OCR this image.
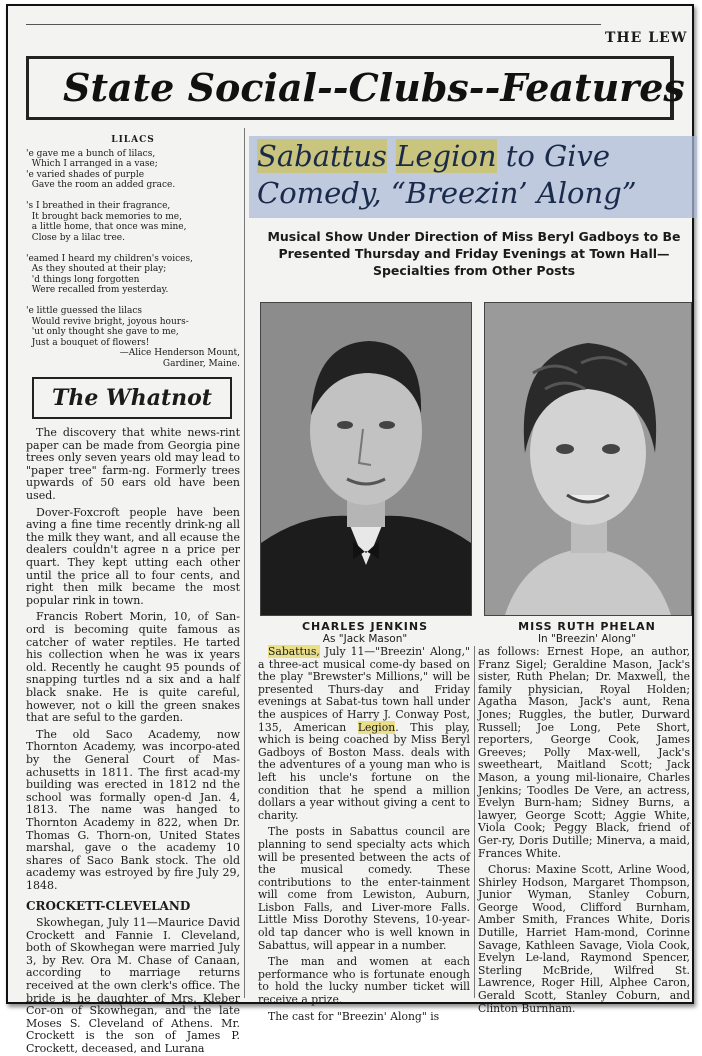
THE LEW
State Social--Clubs--Features
LILACS
'e gave me a bunch of lilacs,
Which I arranged in a vase;
'e varied shades of purple
Gave the room an added grace.

's I breathed in their fragrance,
It brought back memories to me,
a little home, that once was mine,
Close by a lilac tree.

'eamed I heard my children's voices,
As they shouted at their play;
'd things long forgotten
Were recalled from yesterday.

'e little guessed the lilacs
Would revive bright, joyous hours-
'ut only thought she gave to me,
Just a bouquet of flowers!
—Alice Henderson Mount,
Gardiner, Maine.
The Whatnot

The discovery that white news-rint paper can be made from Georgia pine trees only seven years old may lead to "paper tree" farm-ng. Formerly trees upwards of 50 ears old have been used.

Dover-Foxcroft people have been aving a fine time recently drink-ng all the milk they want, and all ecause the dealers couldn't agree n a price per quart. They kept utting each other until the price all to four cents, and right then milk became the most popular rink in town.

Francis Robert Morin, 10, of San-ord is becoming quite famous as catcher of water reptiles. He tarted his collection when he was ix years old. Recently he caught 95 pounds of snapping turtles nd a six and a half black snake. He is quite careful, however, not o kill the green snakes that are seful to the garden.

The old Saco Academy, now Thornton Academy, was incorpo-ated by the General Court of Mas-achusetts in 1811. The first acad-my building was erected in 1812 nd the school was formally open-d Jan. 4, 1813. The name was hanged to Thornton Academy in 822, when Dr. Thomas G. Thorn-on, United States marshal, gave o the academy 10 shares of Saco Bank stock. The old academy was estroyed by fire July 29, 1848.

CROCKETT-CLEVELAND

Skowhegan, July 11—Maurice David Crockett and Fannie I. Cleveland, both of Skowhegan were married July 3, by Rev. Ora M. Chase of Canaan, according to marriage returns received at the own clerk's office. The bride is he daughter of Mrs. Kleber Cor-on of Skowhegan, and the late Moses S. Cleveland of Athens. Mr. Crockett is the son of James P. Crockett, deceased, and Lurana

Sabattus Legion to Give
Comedy, “Breezin’ Along”
Musical Show Under Direction of Miss Beryl Gadboys to Be Presented Thursday and Friday Evenings at Town Hall—Specialties from Other Posts
CHARLES JENKINS
As "Jack Mason"
MISS RUTH PHELAN
In "Breezin' Along"

Sabattus, July 11—"Breezin' Along," a three-act musical come-dy based on the play "Brewster's Millions," will be presented Thurs-day and Friday evenings at Sabat-tus town hall under the auspices of Harry J. Conway Post, 135, American Legion. This play, which is being coached by Miss Beryl Gadboys of Boston Mass. deals with the adventures of a young man who is left his uncle's fortune on the condition that he spend a million dollars a year without giving a cent to charity.

The posts in Sabattus council are planning to send specialty acts which will be presented between the acts of the musical comedy. These contributions to the enter-tainment will come from Lewiston, Auburn, Lisbon Falls, and Liver-more Falls. Little Miss Dorothy Stevens, 10-year-old tap dancer who is well known in Sabattus, will appear in a number.

The man and women at each performance who is fortunate enough to hold the lucky number ticket will receive a prize.

The cast for "Breezin' Along" is

as follows: Ernest Hope, an author, Franz Sigel; Geraldine Mason, Jack's sister, Ruth Phelan; Dr. Maxwell, the family physician, Royal Holden; Agatha Mason, Jack's aunt, Rena Jones; Ruggles, the butler, Durward Russell; Joe Long, Pete Short, reporters, George Cook, James Greeves; Polly Max-well, Jack's sweetheart, Maitland Scott; Jack Mason, a young mil-lionaire, Charles Jenkins; Toodles De Vere, an actress, Evelyn Burn-ham; Sidney Burns, a lawyer, George Scott; Aggie White, Viola Cook; Peggy Black, friend of Ger-ry, Doris Dutille; Minerva, a maid, Frances White.

Chorus: Maxine Scott, Arline Wood, Shirley Hodson, Margaret Thompson, Junior Wyman, Stanley Coburn, George Wood, Clifford Burnham, Amber Smith, Frances White, Doris Dutille, Harriet Ham-mond, Corinne Savage, Kathleen Savage, Viola Cook, Evelyn Le-land, Raymond Spencer, Sterling McBride, Wilfred St. Lawrence, Roger Hill, Alphee Caron, Gerald Scott, Stanley Coburn, and Clinton Burnham.
